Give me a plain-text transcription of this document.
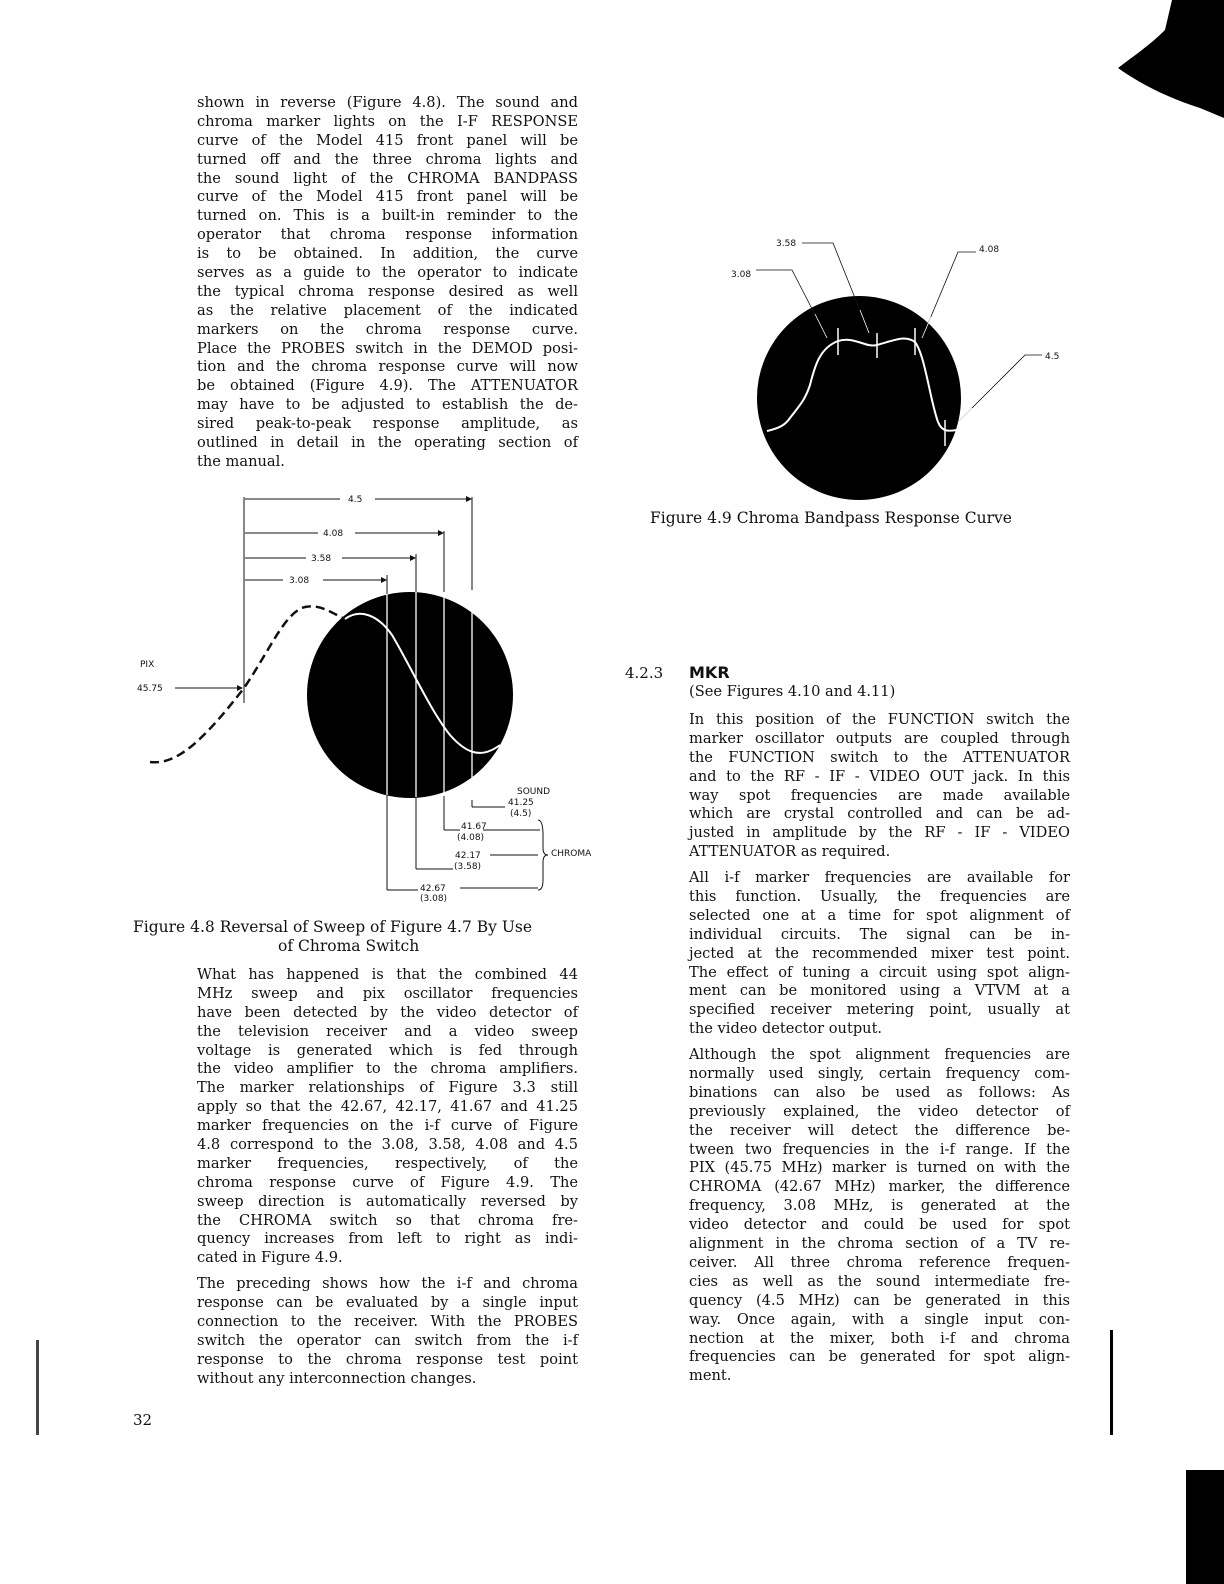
shown in reverse (Figure 4.8). The sound and
chroma marker lights on the I-F RESPONSE
curve of the Model 415 front panel will be
turned off and the three chroma lights and
the sound light of the CHROMA BANDPASS
curve of the Model 415 front panel will be
turned on. This is a built-in reminder to the
operator that chroma response information
is to be obtained. In addition, the curve
serves as a guide to the operator to indicate
the typical chroma response desired as well
as the relative placement of the indicated
markers on the chroma response curve.
Place the PROBES switch in the DEMOD posi-
tion and the chroma response curve will now
be obtained (Figure 4.9). The ATTENUATOR
may have to be adjusted to establish the de-
sired peak-to-peak response amplitude, as
outlined in detail in the operating section of
the manual.
4.5
4.08
3.58
3.08
PIX
45.75
SOUND
41.25
(4.5)
41.67
(4.08)
42.17
(3.58)
42.67
(3.08)
CHROMA
3.08
3.58
4.08
4.5
Figure 4.8 Reversal of Sweep of Figure 4.7 By Use
of Chroma Switch
What has happened is that the combined 44
MHz sweep and pix oscillator frequencies
have been detected by the video detector of
the television receiver and a video sweep
voltage is generated which is fed through
the video amplifier to the chroma amplifiers.
The marker relationships of Figure 3.3 still
apply so that the 42.67, 42.17, 41.67 and 41.25
marker frequencies on the i-f curve of Figure
4.8 correspond to the 3.08, 3.58, 4.08 and 4.5
marker frequencies, respectively, of the
chroma response curve of Figure 4.9. The
sweep direction is automatically reversed by
the CHROMA switch so that chroma fre-
quency increases from left to right as indi-
cated in Figure 4.9.
The preceding shows how the i-f and chroma
response can be evaluated by a single input
connection to the receiver. With the PROBES
switch the operator can switch from the i-f
response to the chroma response test point
without any interconnection changes.
Figure 4.9 Chroma Bandpass Response Curve
4.2.3 MKR
(See Figures 4.10 and 4.11)
In this position of the FUNCTION switch the
marker oscillator outputs are coupled through
the FUNCTION switch to the ATTENUATOR
and to the RF - IF - VIDEO OUT jack. In this
way spot frequencies are made available
which are crystal controlled and can be ad-
justed in amplitude by the RF - IF - VIDEO
ATTENUATOR as required.
All i-f marker frequencies are available for
this function. Usually, the frequencies are
selected one at a time for spot alignment of
individual circuits. The signal can be in-
jected at the recommended mixer test point.
The effect of tuning a circuit using spot align-
ment can be monitored using a VTVM at a
specified receiver metering point, usually at
the video detector output.
Although the spot alignment frequencies are
normally used singly, certain frequency com-
binations can also be used as follows: As
previously explained, the video detector of
the receiver will detect the difference be-
tween two frequencies in the i-f range. If the
PIX (45.75 MHz) marker is turned on with the
CHROMA (42.67 MHz) marker, the difference
frequency, 3.08 MHz, is generated at the
video detector and could be used for spot
alignment in the chroma section of a TV re-
ceiver. All three chroma reference frequen-
cies as well as the sound intermediate fre-
quency (4.5 MHz) can be generated in this
way. Once again, with a single input con-
nection at the mixer, both i-f and chroma
frequencies can be generated for spot align-
ment.
32
